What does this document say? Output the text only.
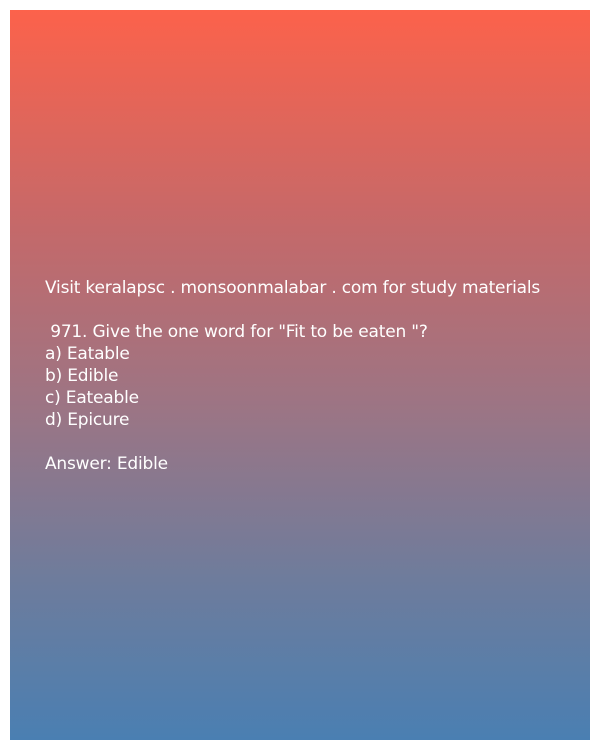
Visit keralapsc . monsoonmalabar . com for study materials
971. Give the one word for "Fit to be eaten "?
a) Eatable
b) Edible
c) Eateable
d) Epicure
Answer: Edible
